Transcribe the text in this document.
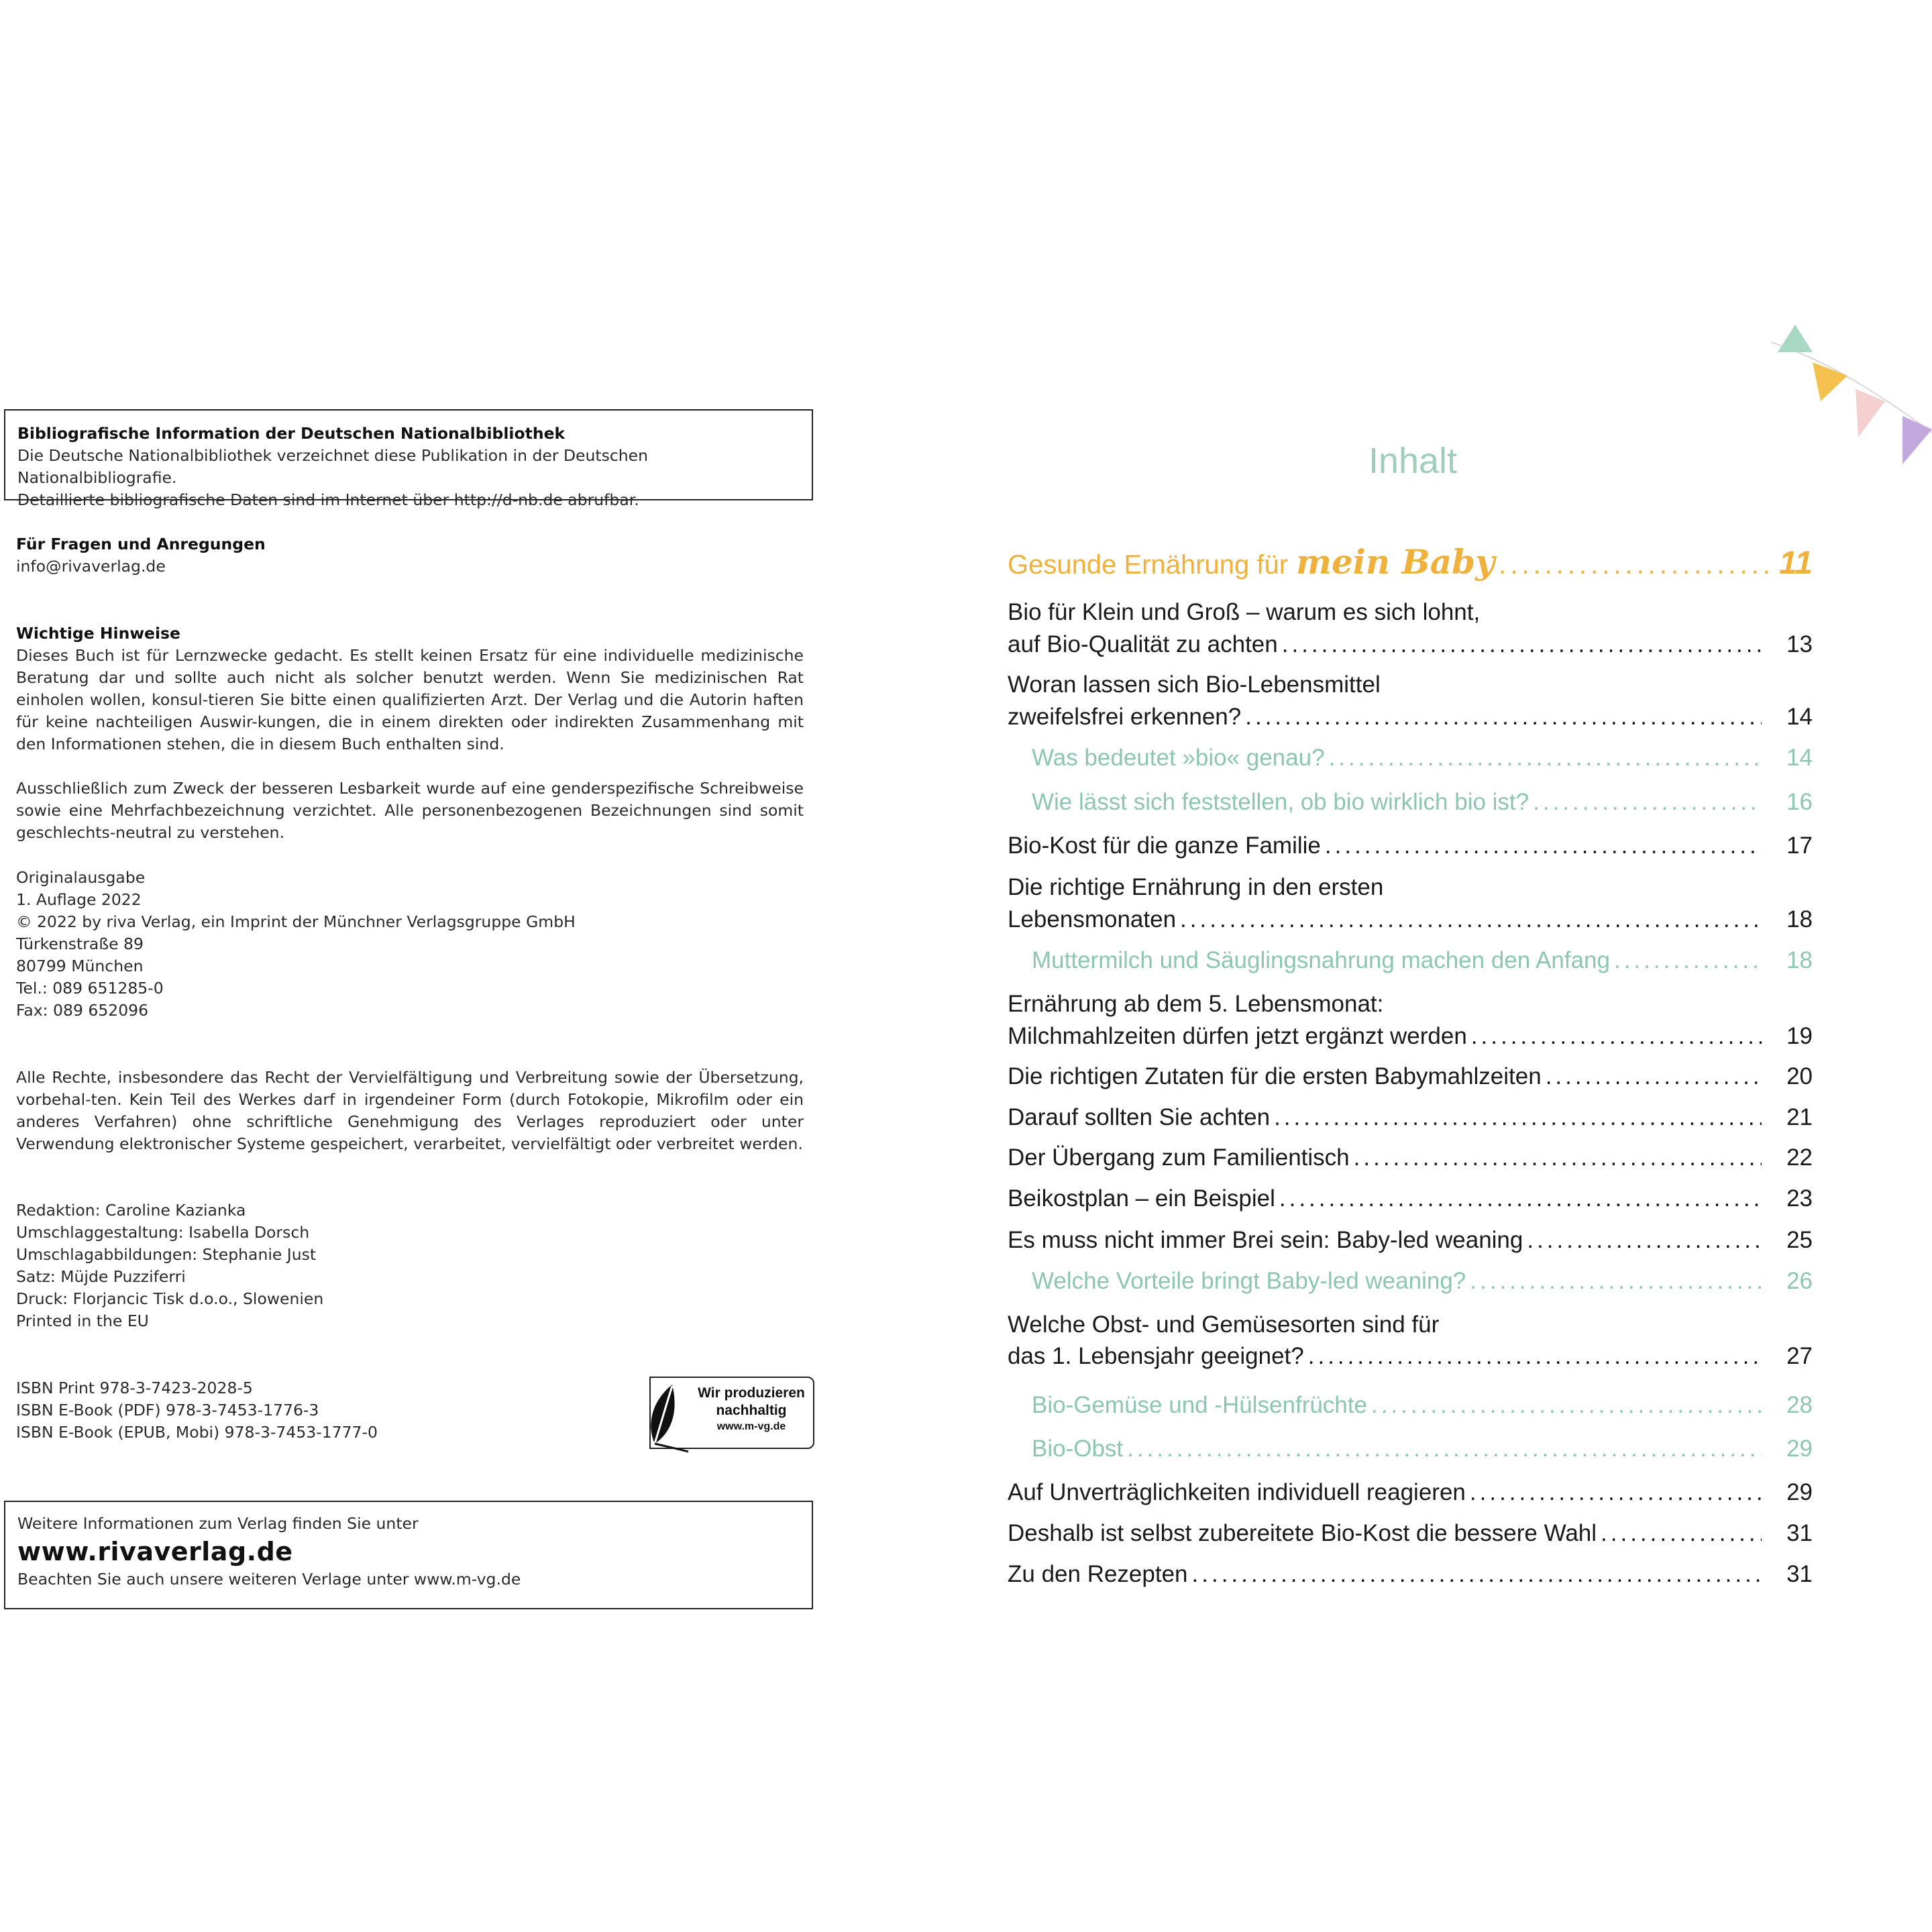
Bibliografische Information der Deutschen Nationalbibliothek

Die Deutsche Nationalbibliothek verzeichnet diese Publikation in der Deutschen Nationalbibliografie.

Detaillierte bibliografische Daten sind im Internet über http://d-nb.de abrufbar.

Für Fragen und Anregungen

info@rivaverlag.de

Wichtige Hinweise

Dieses Buch ist für Lernzwecke gedacht. Es stellt keinen Ersatz für eine individuelle medizinische Beratung dar und sollte auch nicht als solcher benutzt werden. Wenn Sie medizinischen Rat einholen wollen, konsul-tieren Sie bitte einen qualifizierten Arzt. Der Verlag und die Autorin haften für keine nachteiligen Auswir-kungen, die in einem direkten oder indirekten Zusammenhang mit den Informationen stehen, die in diesem Buch enthalten sind.

Ausschließlich zum Zweck der besseren Lesbarkeit wurde auf eine genderspezifische Schreibweise sowie eine Mehrfachbezeichnung verzichtet. Alle personenbezogenen Bezeichnungen sind somit geschlechts-neutral zu verstehen.

Originalausgabe

1. Auflage 2022

© 2022 by riva Verlag, ein Imprint der Münchner Verlagsgruppe GmbH

Türkenstraße 89

80799 München

Tel.: 089 651285-0

Fax: 089 652096

Alle Rechte, insbesondere das Recht der Vervielfältigung und Verbreitung sowie der Übersetzung, vorbehal-ten. Kein Teil des Werkes darf in irgendeiner Form (durch Fotokopie, Mikrofilm oder ein anderes Verfahren) ohne schriftliche Genehmigung des Verlages reproduziert oder unter Verwendung elektronischer Systeme gespeichert, verarbeitet, vervielfältigt oder verbreitet werden.

Redaktion: Caroline Kazianka

Umschlaggestaltung: Isabella Dorsch

Umschlagabbildungen: Stephanie Just

Satz: Müjde Puzziferri

Druck: Florjancic Tisk d.o.o., Slowenien

Printed in the EU

ISBN Print 978-3-7423-2028-5

ISBN E-Book (PDF) 978-3-7453-1776-3

ISBN E-Book (EPUB, Mobi) 978-3-7453-1777-0

Wir produzieren
nachhaltig
www.m-vg.de

Weitere Informationen zum Verlag finden Sie unter

www.rivaverlag.de

Beachten Sie auch unsere weiteren Verlage unter www.m-vg.de

Inhalt
Gesunde Ernährung für mein Baby .....	11
Bio für Klein und Groß – warum es sich lohnt,
auf Bio-Qualität zu achten .....	13
Woran lassen sich Bio-Lebensmittel
zweifelsfrei erkennen? .....	14
Was bedeutet »bio« genau? .....	14
Wie lässt sich feststellen, ob bio wirklich bio ist? .....	16
Bio-Kost für die ganze Familie .....	17
Die richtige Ernährung in den ersten
Lebensmonaten .....	18
Muttermilch und Säuglingsnahrung machen den Anfang .....	18
Ernährung ab dem 5. Lebensmonat:
Milchmahlzeiten dürfen jetzt ergänzt werden .....	19
Die richtigen Zutaten für die ersten Babymahlzeiten .....	20
Darauf sollten Sie achten .....	21
Der Übergang zum Familientisch .....	22
Beikostplan – ein Beispiel .....	23
Es muss nicht immer Brei sein: Baby-led weaning .....	25
Welche Vorteile bringt Baby-led weaning? .....	26
Welche Obst- und Gemüsesorten sind für
das 1. Lebensjahr geeignet? .....	27
Bio-Gemüse und -Hülsenfrüchte .....	28
Bio-Obst .....	29
Auf Unverträglichkeiten individuell reagieren .....	29
Deshalb ist selbst zubereitete Bio-Kost die bessere Wahl .....	31
Zu den Rezepten .....	31
